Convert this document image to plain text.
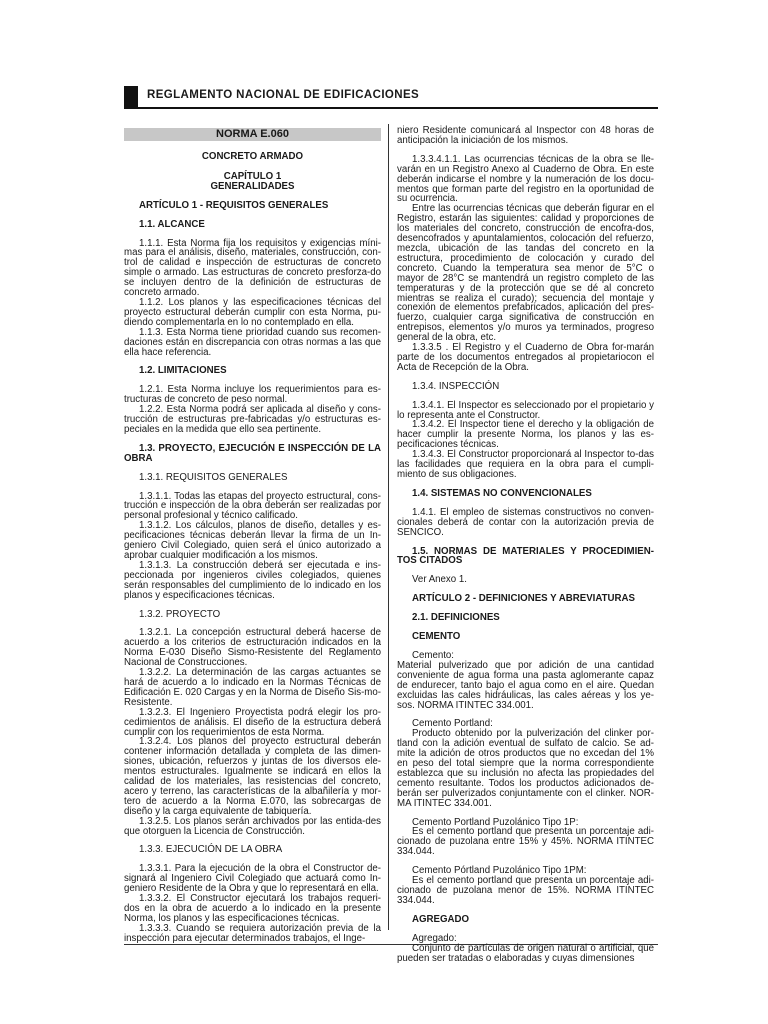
REGLAMENTO NACIONAL DE EDIFICACIONES
NORMA E.060
CONCRETO ARMADO
CAPÍTULO 1
GENERALIDADES
ARTÍCULO 1 - REQUISITOS GENERALES
1.1. ALCANCE

1.1.1. Esta Norma fija los requisitos y exigencias míni-mas para el análisis, diseño, materiales, construcción, con-trol de calidad e inspección de estructuras de concreto simple o armado. Las estructuras de concreto presforza-do se incluyen dentro de la definición de estructuras de concreto armado.

1.1.2. Los planos y las especificaciones técnicas del proyecto estructural deberán cumplir con esta Norma, pu-diendo complementarla en lo no contemplado en ella.

1.1.3. Esta Norma tiene prioridad cuando sus recomen-daciones están en discrepancia con otras normas a las que ella hace referencia.

1.2. LIMITACIONES

1.2.1. Esta Norma incluye los requerimientos para es-tructuras de concreto de peso normal.

1.2.2. Esta Norma podrá ser aplicada al diseño y cons-trucción de estructuras pre-fabricadas y/o estructuras es-peciales en la medida que ello sea pertinente.

1.3. PROYECTO, EJECUCIÓN E INSPECCIÓN DE LA OBRA

1.3.1. REQUISITOS GENERALES

1.3.1.1. Todas las etapas del proyecto estructural, cons-trucción e inspección de la obra deberán ser realizadas por personal profesional y técnico calificado.

1.3.1.2. Los cálculos, planos de diseño, detalles y es-pecificaciones técnicas deberán llevar la firma de un In-geniero Civil Colegiado, quien será el único autorizado a aprobar cualquier modificación a los mismos.

1.3.1.3. La construcción deberá ser ejecutada e ins-peccionada por ingenieros civiles colegiados, quienes serán responsables del cumplimiento de lo indicado en los planos y especificaciones técnicas.

1.3.2. PROYECTO

1.3.2.1. La concepción estructural deberá hacerse de acuerdo a los criterios de estructuración indicados en la Norma E-030 Diseño Sismo-Resistente del Reglamento Nacional de Construcciones.

1.3.2.2. La determinación de las cargas actuantes se hará de acuerdo a lo indicado en la Normas Técnicas de Edificación E. 020 Cargas y en la Norma de Diseño Sis-mo-Resistente.

1.3.2.3. El Ingeniero Proyectista podrá elegir los pro-cedimientos de análisis. El diseño de la estructura deberá cumplir con los requerimientos de esta Norma.

1.3.2.4. Los planos del proyecto estructural deberán contener información detallada y completa de las dimen-siones, ubicación, refuerzos y juntas de los diversos ele-mentos estructurales. Igualmente se indicará en ellos la calidad de los materiales, las resistencias del concreto, acero y terreno, las características de la albañilería y mor-tero de acuerdo a la Norma E.070, las sobrecargas de diseño y la carga equivalente de tabiquería.

1.3.2.5. Los planos serán archivados por las entida-des que otorguen la Licencia de Construcción.

1.3.3. EJECUCIÓN DE LA OBRA

1.3.3.1. Para la ejecución de la obra el Constructor de-signará al Ingeniero Civil Colegiado que actuará como In-geniero Residente de la Obra y que lo representará en ella.

1.3.3.2. El Constructor ejecutará los trabajos requeri-dos en la obra de acuerdo a lo indicado en la presente Norma, los planos y las especificaciones técnicas.

1.3.3.3. Cuando se requiera autorización previa de la inspección para ejecutar determinados trabajos, el Inge-

niero Residente comunicará al Inspector con 48 horas de anticipación la iniciación de los mismos.

1.3.3.4.1.1. Las ocurrencias técnicas de la obra se lle-varán en un Registro Anexo al Cuaderno de Obra. En este deberán indicarse el nombre y la numeración de los docu-mentos que forman parte del registro en la oportunidad de su ocurrencia.

Entre las ocurrencias técnicas que deberán figurar en el Registro, estarán las siguientes: calidad y proporciones de los materiales del concreto, construcción de encofra-dos, desencofrados y apuntalamientos, colocación del refuerzo, mezcla, ubicación de las tandas del concreto en la estructura, procedimiento de colocación y curado del concreto. Cuando la temperatura sea menor de 5°C o mayor de 28°C se mantendrá un registro completo de las temperaturas y de la protección que se dé al concreto mientras se realiza el curado); secuencia del montaje y conexión de elementos prefabricados, aplicación del pres-fuerzo, cualquier carga significativa de construcción en entrepisos, elementos y/o muros ya terminados, progreso general de la obra, etc.

1.3.3.5 . El Registro y el Cuaderno de Obra for-marán parte de los documentos entregados al propietariocon el Acta de Recepción de la Obra.

1.3.4. INSPECCIÓN

1.3.4.1. El Inspector es seleccionado por el propietario y lo representa ante el Constructor.

1.3.4.2. El Inspector tiene el derecho y la obligación de hacer cumplir la presente Norma, los planos y las es-pecificaciones técnicas.

1.3.4.3. El Constructor proporcionará al Inspector to-das las facilidades que requiera en la obra para el cumpli-miento de sus obligaciones.

1.4. SISTEMAS NO CONVENCIONALES

1.4.1. El empleo de sistemas constructivos no conven-cionales deberá de contar con la autorización previa de SENCICO.

1.5. NORMAS DE MATERIALES Y PROCEDIMIEN-TOS CITADOS

Ver Anexo 1.
ARTÍCULO 2 - DEFINICIONES Y ABREVIATURAS
2.1. DEFINICIONES
CEMENTO
Cemento:

Material pulverizado que por adición de una cantidad conveniente de agua forma una pasta aglomerante capaz de endurecer, tanto bajo el agua como en el aire. Quedan excluidas las cales hidráulicas, las cales aéreas y los ye-sos. NORMA ITINTEC 334.001.

Cemento Portland:

Producto obtenido por la pulverización del clinker por-tland con la adición eventual de sulfato de calcio. Se ad-mite la adición de otros productos que no excedan del 1% en peso del total siempre que la norma correspondiente establezca que su inclusión no afecta las propiedades del cemento resultante. Todos los productos adicionados de-berán ser pulverizados conjuntamente con el clinker. NOR-MA ITINTEC 334.001.

Cemento Portland Puzolánico Tipo 1P:

Es el cemento portland que presenta un porcentaje adi-cionado de puzolana entre 15% y 45%. NORMA ITINTEC 334.044.

Cemento Pórtland Puzolánico Tipo 1PM:

Es el cemento portland que presenta un porcentaje adi-cionado de puzolana menor de 15%. NORMA ITINTEC 334.044.

AGREGADO
Agregado:

Conjunto de partículas de origen natural o artificial, que pueden ser tratadas o elaboradas y cuyas dimensiones
